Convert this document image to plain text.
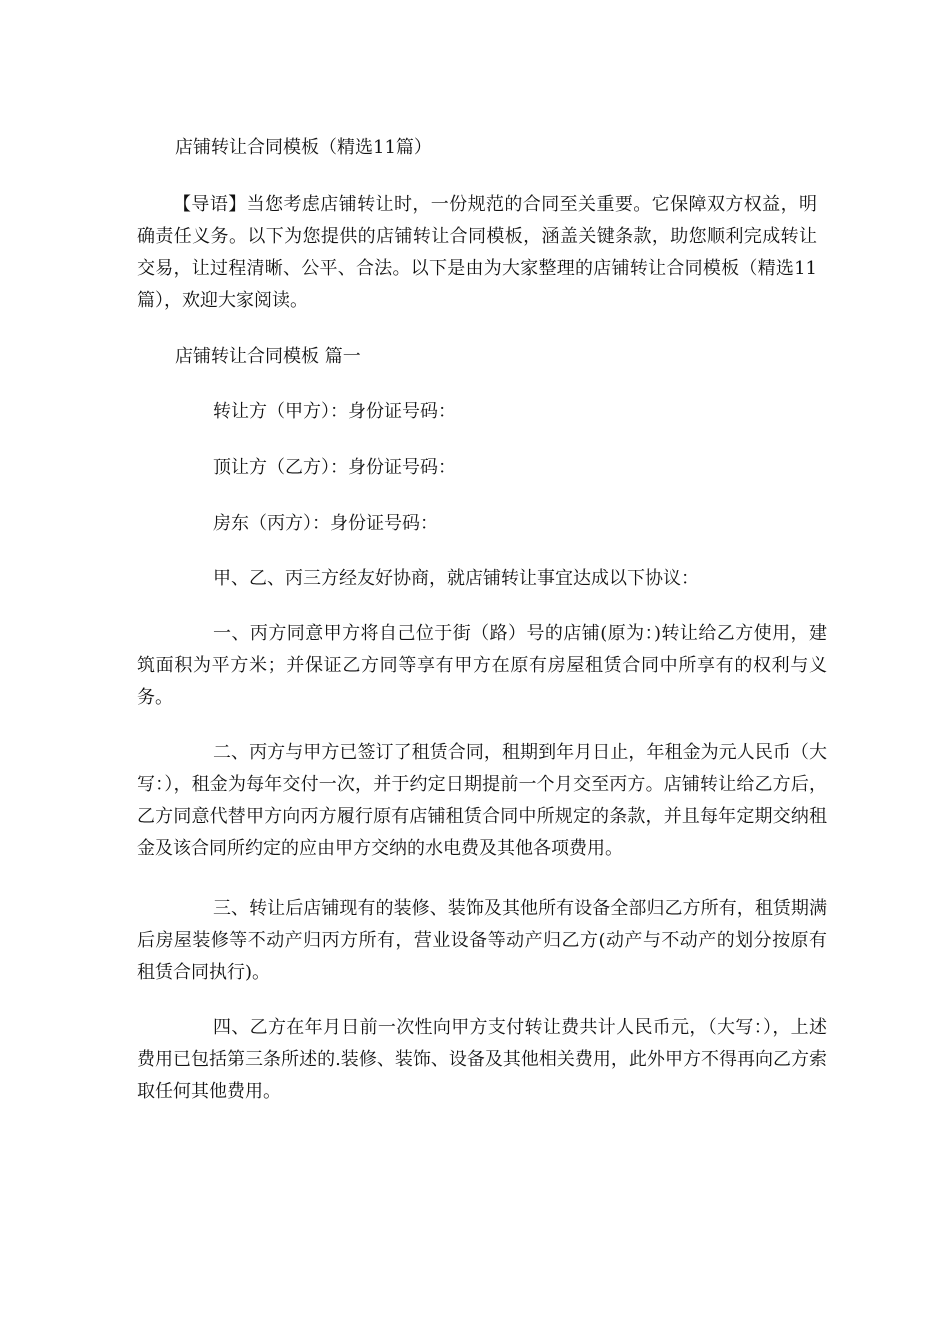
店铺转让合同模板（精选11篇）

【导语】当您考虑店铺转让时，一份规范的合同至关重要。它保障双方权益，明确责任义务。以下为您提供的店铺转让合同模板，涵盖关键条款，助您顺利完成转让交易，让过程清晰、公平、合法。以下是由为大家整理的店铺转让合同模板（精选11篇），欢迎大家阅读。

店铺转让合同模板 篇一

转让方（甲方）：身份证号码：

顶让方（乙方）：身份证号码：

房东（丙方）：身份证号码：

甲、乙、丙三方经友好协商，就店铺转让事宜达成以下协议：

一、丙方同意甲方将自己位于街（路）号的店铺(原为：)转让给乙方使用，建筑面积为平方米；并保证乙方同等享有甲方在原有房屋租赁合同中所享有的权利与义务。

二、丙方与甲方已签订了租赁合同，租期到年月日止，年租金为元人民币（大写：），租金为每年交付一次，并于约定日期提前一个月交至丙方。店铺转让给乙方后，乙方同意代替甲方向丙方履行原有店铺租赁合同中所规定的条款，并且每年定期交纳租金及该合同所约定的应由甲方交纳的水电费及其他各项费用。

三、转让后店铺现有的装修、装饰及其他所有设备全部归乙方所有，租赁期满后房屋装修等不动产归丙方所有，营业设备等动产归乙方(动产与不动产的划分按原有租赁合同执行)。

四、乙方在年月日前一次性向甲方支付转让费共计人民币元，（大写：），上述费用已包括第三条所述的.装修、装饰、设备及其他相关费用，此外甲方不得再向乙方索取任何其他费用。
